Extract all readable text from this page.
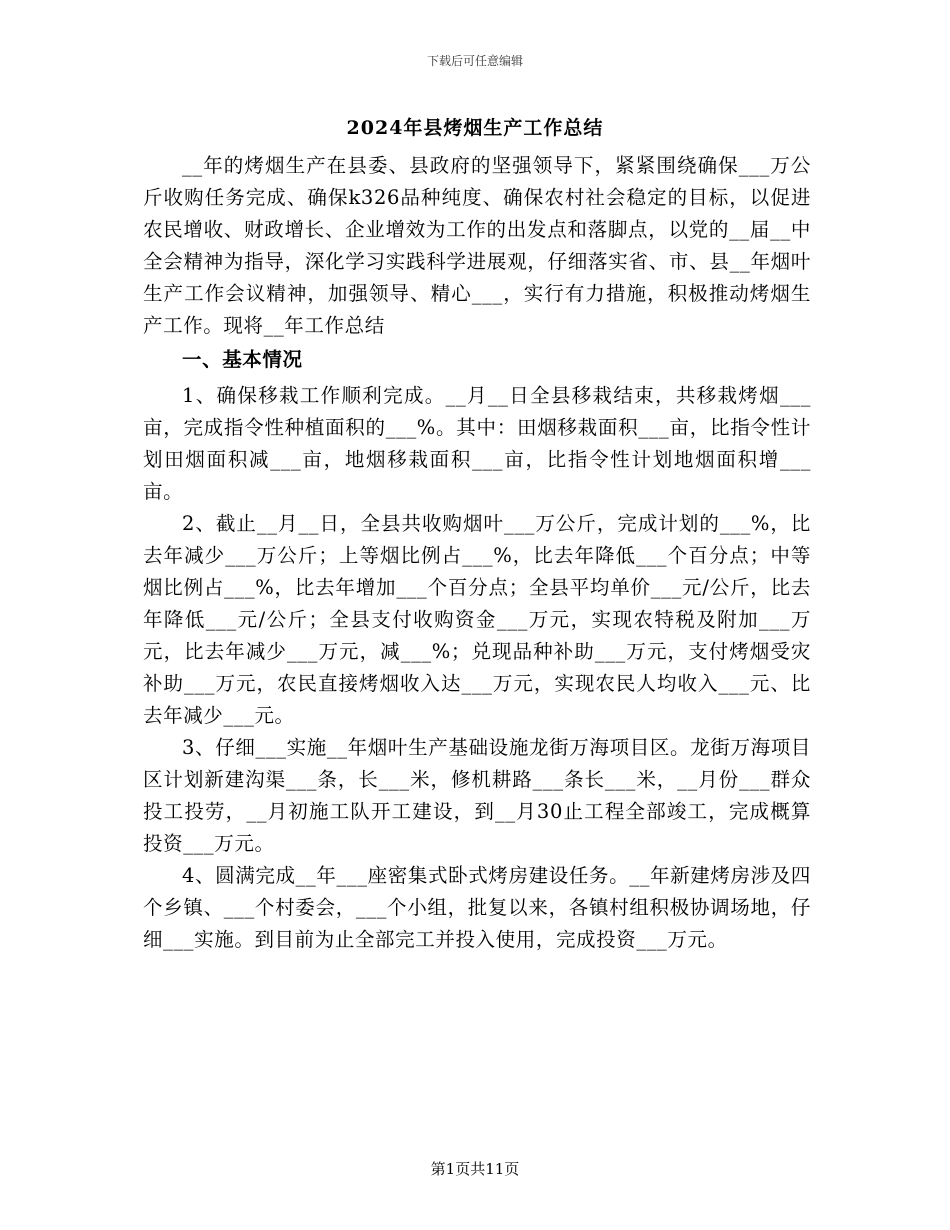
下载后可任意编辑
2024年县烤烟生产工作总结

__年的烤烟生产在县委、县政府的坚强领导下，紧紧围绕确保___万公斤收购任务完成、确保k326品种纯度、确保农村社会稳定的目标，以促进农民增收、财政增长、企业增效为工作的出发点和落脚点，以党的__届__中全会精神为指导，深化学习实践科学进展观，仔细落实省、市、县__年烟叶生产工作会议精神，加强领导、精心___，实行有力措施，积极推动烤烟生产工作。现将__年工作总结

一、基本情况

1、确保移栽工作顺利完成。__月__日全县移栽结束，共移栽烤烟___亩，完成指令性种植面积的___%。其中：田烟移栽面积___亩，比指令性计划田烟面积减___亩，地烟移栽面积___亩，比指令性计划地烟面积增___亩。

2、截止__月__日，全县共收购烟叶___万公斤，完成计划的___%，比去年减少___万公斤；上等烟比例占___%，比去年降低___个百分点；中等烟比例占___%，比去年增加___个百分点；全县平均单价___元/公斤，比去年降低___元/公斤；全县支付收购资金___万元，实现农特税及附加___万元，比去年减少___万元，减___%；兑现品种补助___万元，支付烤烟受灾补助___万元，农民直接烤烟收入达___万元，实现农民人均收入___元、比去年减少___元。

3、仔细___实施__年烟叶生产基础设施龙街万海项目区。龙街万海项目区计划新建沟渠___条，长___米，修机耕路___条长___米，__月份___群众投工投劳，__月初施工队开工建设，到__月30止工程全部竣工，完成概算投资___万元。

4、圆满完成__年___座密集式卧式烤房建设任务。__年新建烤房涉及四个乡镇、___个村委会，___个小组，批复以来，各镇村组积极协调场地，仔细___实施。到目前为止全部完工并投入使用，完成投资___万元。

第1页共11页
